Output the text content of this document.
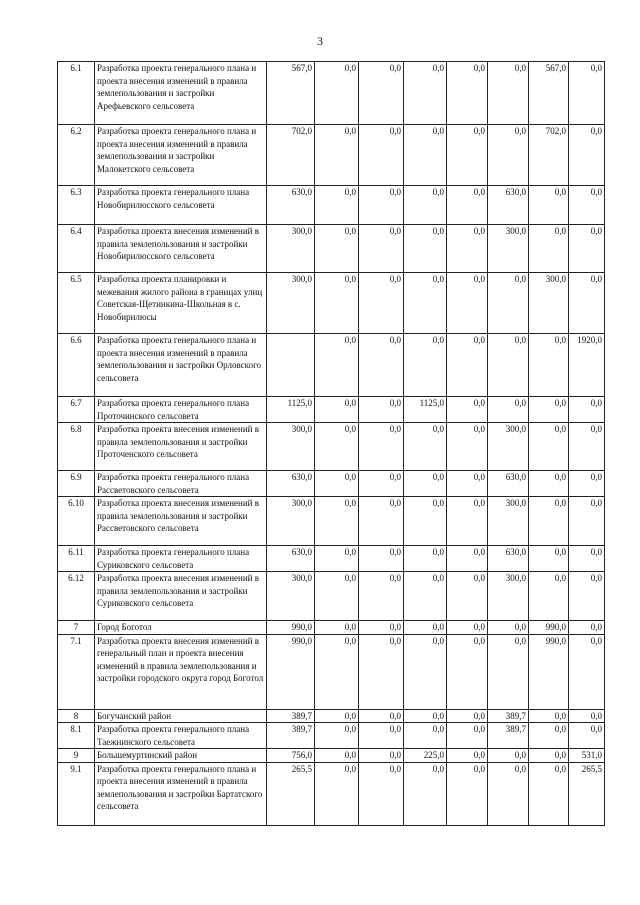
3
6.1	Разработка проекта генерального плана и проекта внесения изменений в правила землепользования и застройки Арефьевского сельсовета	567,0	0,0	0,0	0,0	0,0	0,0	567,0	0,0
6.2	Разработка проекта генерального плана и проекта внесения изменений в правила землепользования и застройки Малокетского сельсовета	702,0	0,0	0,0	0,0	0,0	0,0	702,0	0,0
6.3	Разработка проекта генерального плана Новобирилюсского сельсовета	630,0	0,0	0,0	0,0	0,0	630,0	0,0	0,0
6.4	Разработка проекта внесения изменений в правила землепользования и застройки Новобирилюсского сельсовета	300,0	0,0	0,0	0,0	0,0	300,0	0,0	0,0
6.5	Разработка проекта планировки и межевания жилого района в границах улиц Советская-Щетинкина-Школьная в с. Новобирилюсы	300,0	0,0	0,0	0,0	0,0	0,0	300,0	0,0
6.6	Разработка проекта генерального плана и проекта внесения изменений в правила землепользования и застройки Орловского сельсовета		0,0	0,0	0,0	0,0	0,0	0,0	1920,0
6.7	Разработка проекта генерального плана Проточинского сельсовета	1125,0	0,0	0,0	1125,0	0,0	0,0	0,0	0,0
6.8	Разработка проекта внесения изменений в правила землепользования и застройки Проточенского сельсовета	300,0	0,0	0,0	0,0	0,0	300,0	0,0	0,0
6.9	Разработка проекта генерального плана Рассветовского сельсовета	630,0	0,0	0,0	0,0	0,0	630,0	0,0	0,0
6.10	Разработка проекта внесения изменений в правила землепользования и застройки Рассветовского сельсовета	300,0	0,0	0,0	0,0	0,0	300,0	0,0	0,0
6.11	Разработка проекта генерального плана Суриковского сельсовета	630,0	0,0	0,0	0,0	0,0	630,0	0,0	0,0
6.12	Разработка проекта внесения изменений в правила землепользования и застройки Суриковского сельсовета	300,0	0,0	0,0	0,0	0,0	300,0	0,0	0,0
7	Город Боготол	990,0	0,0	0,0	0,0	0,0	0,0	990,0	0,0
7.1	Разработка проекта внесения изменений в генеральный план и проекта внесения изменений в правила землепользования и застройки городского округа город Боготол	990,0	0,0	0,0	0,0	0,0	0,0	990,0	0,0
8	Богучанский район	389,7	0,0	0,0	0,0	0,0	389,7	0,0	0,0
8.1	Разработка проекта генерального плана Таежнинского сельсовета	389,7	0,0	0,0	0,0	0,0	389,7	0,0	0,0
9	Большемуртинский район	756,0	0,0	0,0	225,0	0,0	0,0	0,0	531,0
9.1	Разработка проекта генерального плана и проекта внесения изменений в правила землепользования и застройки Бартатского сельсовета	265,5	0,0	0,0	0,0	0,0	0,0	0,0	265,5
